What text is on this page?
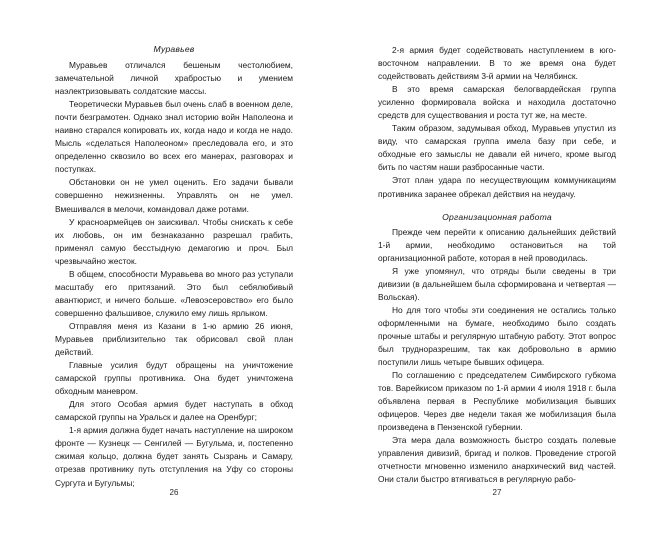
Муравьев

Муравьев отличался бешеным честолюбием, замечательной личной храбростью и умением наэлектризовывать солдатские массы.

Теоретически Муравьев был очень слаб в военном деле, почти безграмотен. Однако знал историю войн Наполеона и наивно старался копировать их, когда надо и когда не надо. Мысль «сделаться Наполеоном» преследовала его, и это определенно сквозило во всех его манерах, разговорах и поступках.

Обстановки он не умел оценить. Его задачи бывали совершенно нежизненны. Управлять он не умел. Вмешивался в мелочи, командовал даже ротами.

У красноармейцев он заискивал. Чтобы снискать к себе их любовь, он им безнаказанно разрешал грабить, применял самую бесстыдную демагогию и проч. Был чрезвычайно жесток.

В общем, способности Муравьева во много раз уступали масштабу его притязаний. Это был себялюбивый авантюрист, и ничего больше. «Левоэсеровство» его было совершенно фальшивое, служило ему лишь ярлыком.

Отправляя меня из Казани в 1-ю армию 26 июня, Муравьев приблизительно так обрисовал свой план действий.

Главные усилия будут обращены на уничтожение самарской группы противника. Она будет уничтожена обходным маневром.

Для этого Особая армия будет наступать в обход самарской группы на Уральск и далее на Оренбург;

1-я армия должна будет начать наступление на широком фронте — Кузнецк — Сенгилей — Бугульма, и, постепенно сжимая кольцо, должна будет занять Сызрань и Самару, отрезав противнику путь отступления на Уфу со стороны Сургута и Бугульмы;

26

2-я армия будет содействовать наступлением в юго-восточном направлении. В то же время она будет содействовать действиям 3-й армии на Челябинск.

В это время самарская белогвардейская группа усиленно формировала войска и находила достаточно средств для существования и роста тут же, на месте.

Таким образом, задумывая обход, Муравьев упустил из виду, что самарская группа имела базу при себе, и обходные его замыслы не давали ей ничего, кроме выгод бить по частям наши разбросанные части.

Этот план удара по несуществующим коммуникациям противника заранее обрекал действия на неудачу.

Организационная работа

Прежде чем перейти к описанию дальнейших действий 1-й армии, необходимо остановиться на той организационной работе, которая в ней проводилась.

Я уже упомянул, что отряды были сведены в три дивизии (в дальнейшем была сформирована и четвертая — Вольская).

Но для того чтобы эти соединения не остались только оформленными на бумаге, необходимо было создать прочные штабы и регулярную штабную работу. Этот вопрос был трудноразрешим, так как добровольно в армию поступили лишь четыре бывших офицера.

По соглашению с председателем Симбирского губкома тов. Варейкисом приказом по 1-й армии 4 июля 1918 г. была объявлена первая в Республике мобилизация бывших офицеров. Через две недели такая же мобилизация была произведена в Пензенской губернии.

Эта мера дала возможность быстро создать полевые управления дивизий, бригад и полков. Проведение строгой отчетности мгновенно изменило анархический вид частей. Они стали быстро втягиваться в регулярную рабо-

27
